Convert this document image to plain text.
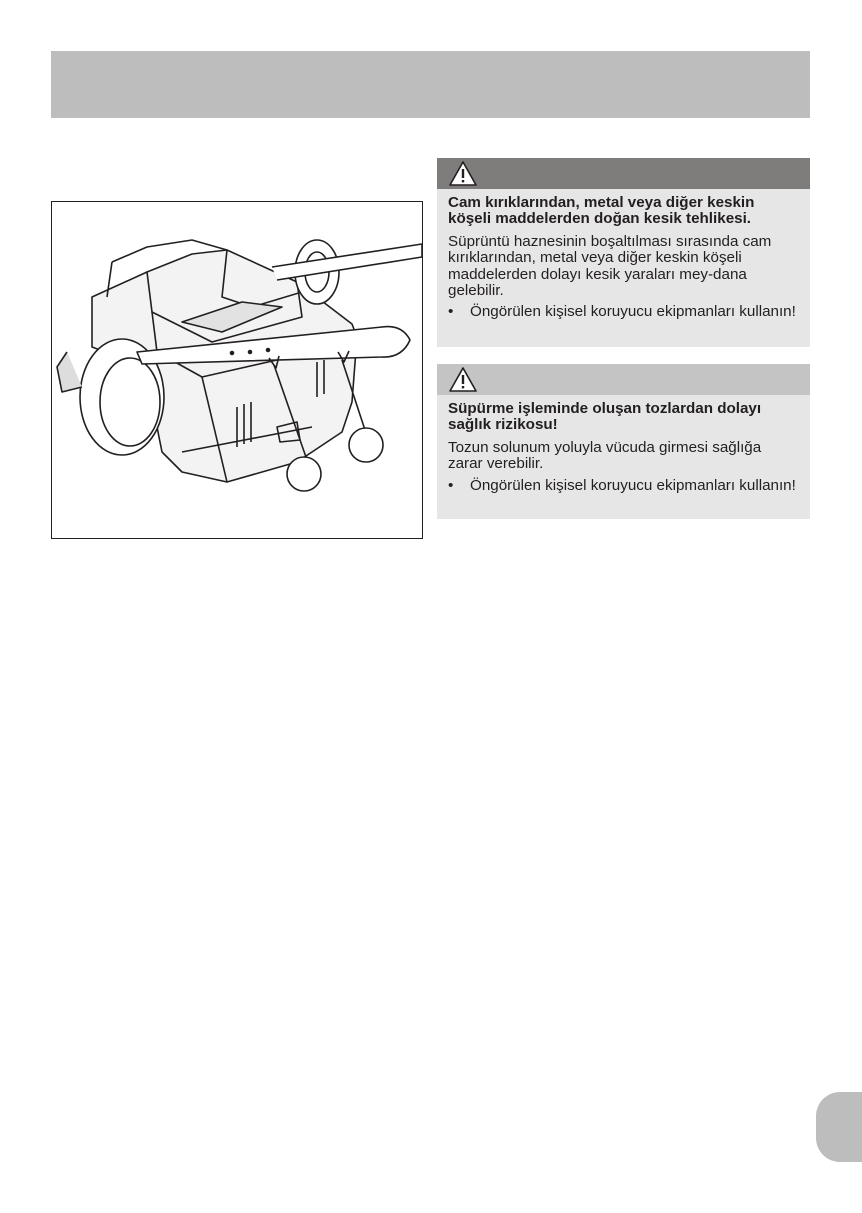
Cam kırıklarından, metal veya diğer keskin köşeli maddelerden doğan kesik tehlikesi.

Süprüntü haznesinin boşaltılması sırasında cam kırıklarından, metal veya diğer keskin köşeli maddelerden dolayı kesik yaraları mey-dana gelebilir.

• Öngörülen kişisel koruyucu ekipmanları kullanın!

Süpürme işleminde oluşan tozlardan dolayı sağlık rizikosu!

Tozun solunum yoluyla vücuda girmesi sağlığa zarar verebilir.

• Öngörülen kişisel koruyucu ekipmanları kullanın!
